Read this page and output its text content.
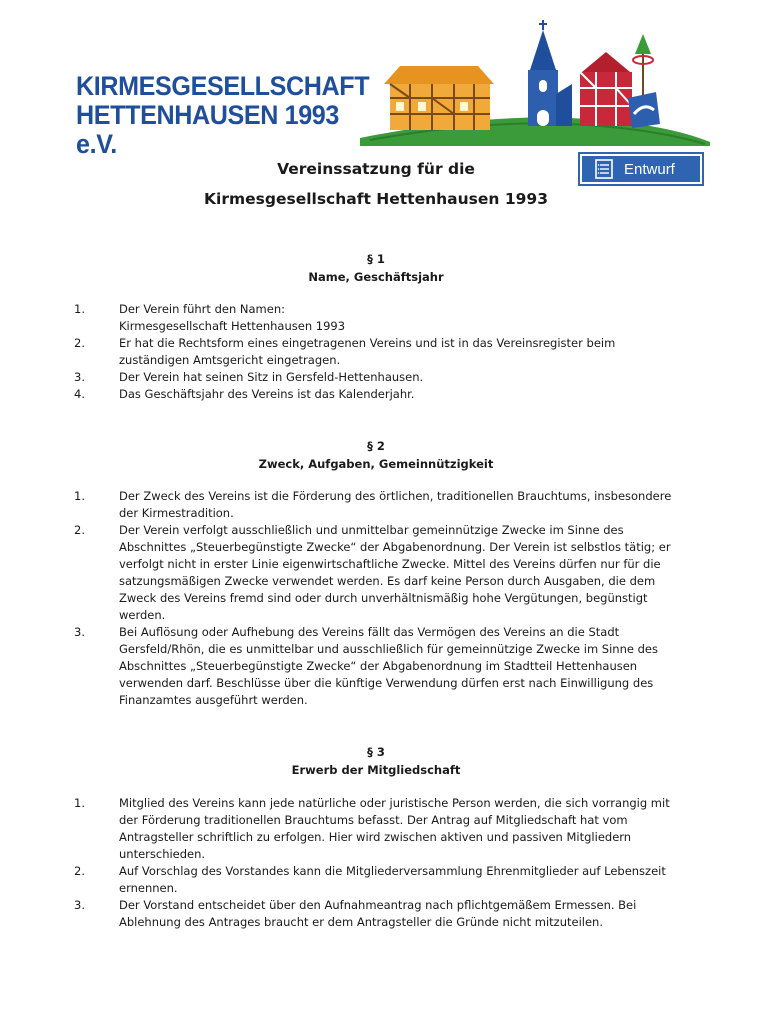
KIRMESGESELLSCHAFT
HETTENHAUSEN 1993 e.V.
Vereinssatzung für die
Kirmesgesellschaft Hettenhausen 1993
Entwurf
§ 1
Name, Geschäftsjahr
1.	Der Verein führt den Namen:
Kirmesgesellschaft Hettenhausen 1993
2.	Er hat die Rechtsform eines eingetragenen Vereins und ist in das Vereinsregister beim zuständigen Amtsgericht eingetragen.
3.	Der Verein hat seinen Sitz in Gersfeld-Hettenhausen.
4.	Das Geschäftsjahr des Vereins ist das Kalenderjahr.
§ 2
Zweck, Aufgaben, Gemeinnützigkeit
1.	Der Zweck des Vereins ist die Förderung des örtlichen, traditionellen Brauchtums, insbesondere der Kirmestradition.
2.	Der Verein verfolgt ausschließlich und unmittelbar gemeinnützige Zwecke im Sinne des Abschnittes „Steuerbegünstigte Zwecke“ der Abgabenordnung. Der Verein ist selbstlos tätig; er verfolgt nicht in erster Linie eigenwirtschaftliche Zwecke. Mittel des Vereins dürfen nur für die satzungsmäßigen Zwecke verwendet werden. Es darf keine Person durch Ausgaben, die dem Zweck des Vereins fremd sind oder durch unverhältnismäßig hohe Vergütungen, begünstigt werden.
3.	Bei Auflösung oder Aufhebung des Vereins fällt das Vermögen des Vereins an die Stadt Gersfeld/Rhön, die es unmittelbar und ausschließlich für gemeinnützige Zwecke im Sinne des Abschnittes „Steuerbegünstigte Zwecke“ der Abgabenordnung im Stadtteil Hettenhausen verwenden darf. Beschlüsse über die künftige Verwendung dürfen erst nach Einwilligung des Finanzamtes ausgeführt werden.
§ 3
Erwerb der Mitgliedschaft
1.	Mitglied des Vereins kann jede natürliche oder juristische Person werden, die sich vorrangig mit der Förderung traditionellen Brauchtums befasst. Der Antrag auf Mitgliedschaft hat vom Antragsteller schriftlich zu erfolgen. Hier wird zwischen aktiven und passiven Mitgliedern unterschieden.
2.	Auf Vorschlag des Vorstandes kann die Mitgliederversammlung Ehrenmitglieder auf Lebenszeit ernennen.
3.	Der Vorstand entscheidet über den Aufnahmeantrag nach pflichtgemäßem Ermessen. Bei Ablehnung des Antrages braucht er dem Antragsteller die Gründe nicht mitzuteilen.
